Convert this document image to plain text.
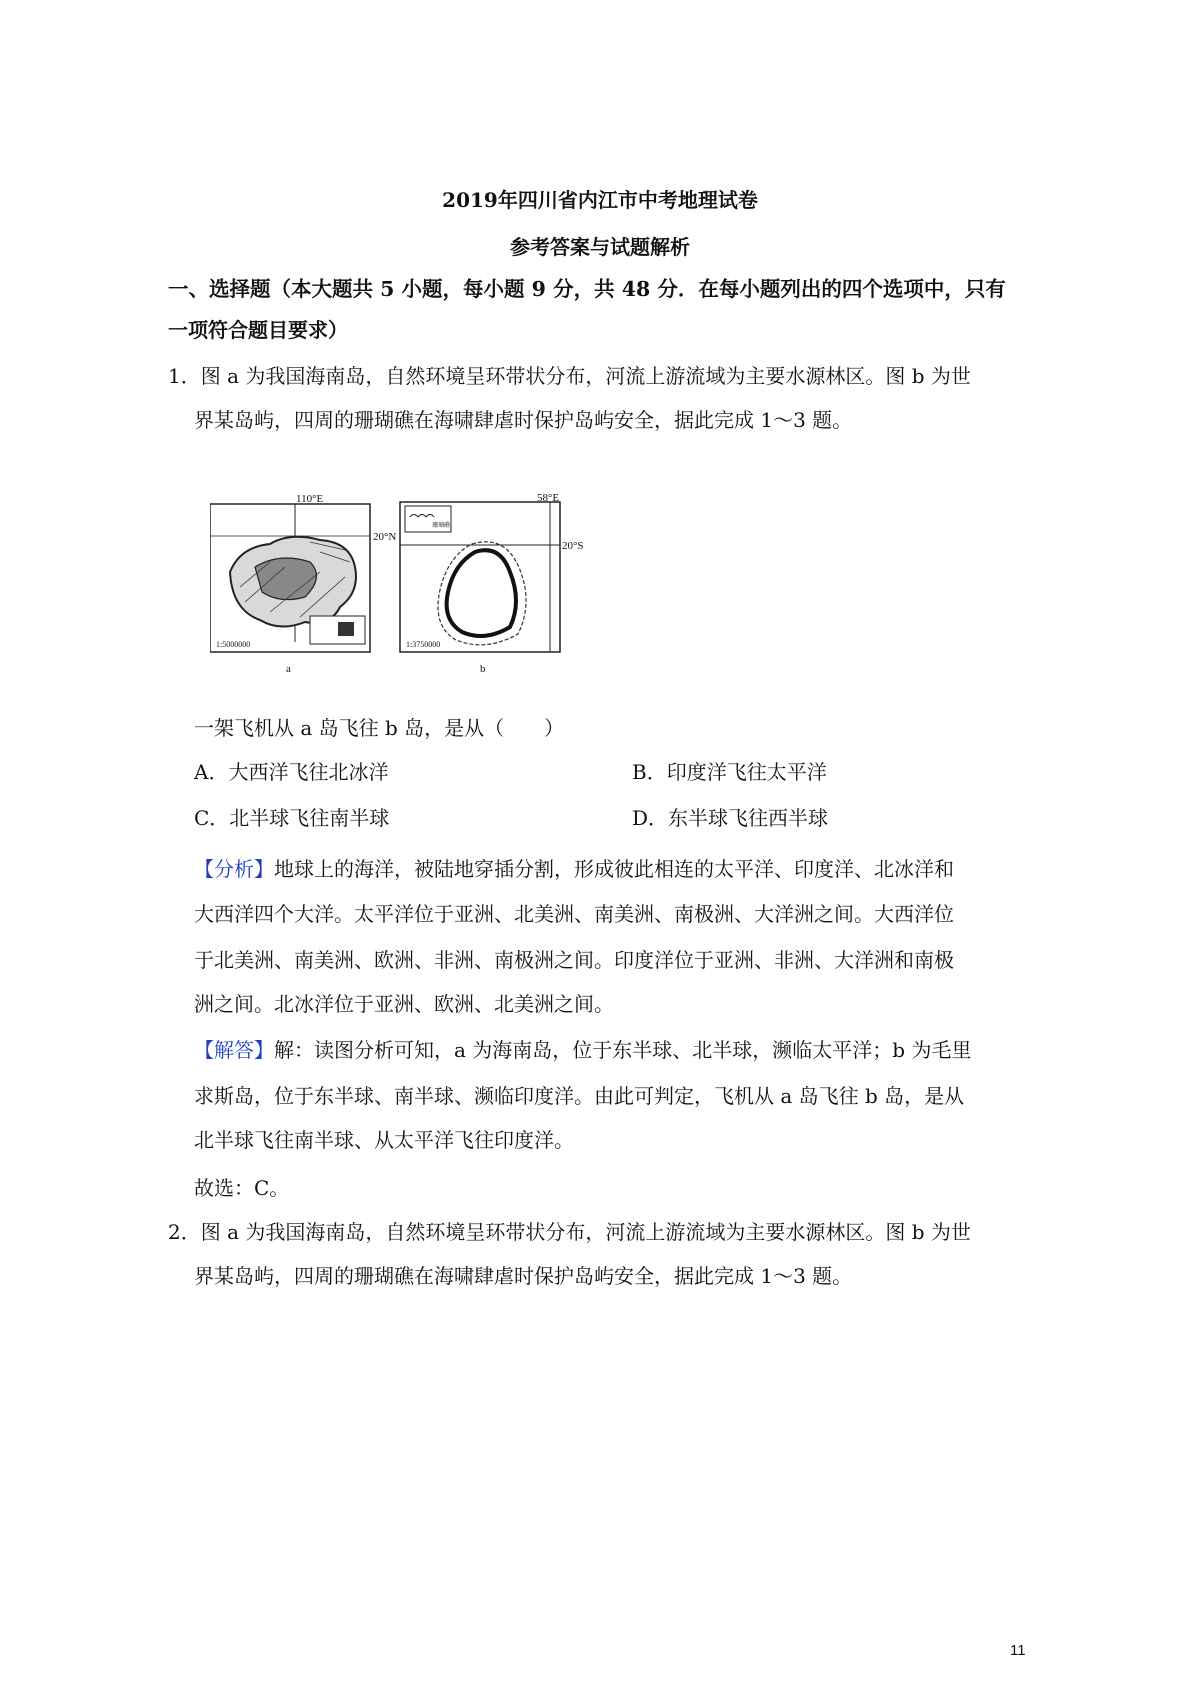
2019年四川省内江市中考地理试卷
参考答案与试题解析
一、选择题（本大题共 5 小题，每小题 9 分，共 48 分．在每小题列出的四个选项中，只有
一项符合题目要求）
1．图 a 为我国海南岛，自然环境呈环带状分布，河流上游流域为主要水源林区。图 b 为世
界某岛屿，四周的珊瑚礁在海啸肆虐时保护岛屿安全，据此完成 1～3 题。
110°E
20°N
1:5000000
a
珊瑚礁
58°E
20°S
1:3750000
b
一架飞机从 a 岛飞往 b 岛，是从（　　）
A．大西洋飞往北冰洋	B．印度洋飞往太平洋
C．北半球飞往南半球	D．东半球飞往西半球
【分析】地球上的海洋，被陆地穿插分割，形成彼此相连的太平洋、印度洋、北冰洋和
大西洋四个大洋。太平洋位于亚洲、北美洲、南美洲、南极洲、大洋洲之间。大西洋位
于北美洲、南美洲、欧洲、非洲、南极洲之间。印度洋位于亚洲、非洲、大洋洲和南极
洲之间。北冰洋位于亚洲、欧洲、北美洲之间。
【解答】解：读图分析可知，a 为海南岛，位于东半球、北半球，濒临太平洋；b 为毛里
求斯岛，位于东半球、南半球、濒临印度洋。由此可判定，飞机从 a 岛飞往 b 岛，是从
北半球飞往南半球、从太平洋飞往印度洋。
故选：C。
2．图 a 为我国海南岛，自然环境呈环带状分布，河流上游流域为主要水源林区。图 b 为世
界某岛屿，四周的珊瑚礁在海啸肆虐时保护岛屿安全，据此完成 1～3 题。
11
